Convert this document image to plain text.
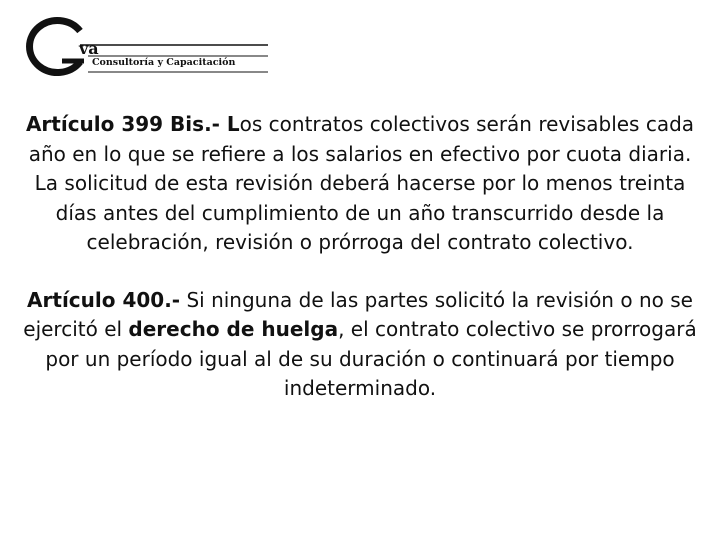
va
Consultoría y Capacitación

Artículo 399 Bis.- Los contratos colectivos serán revisables cada año en lo que se refiere a los salarios en efectivo por cuota diaria. La solicitud de esta revisión deberá hacerse por lo menos treinta días antes del cumplimiento de un año transcurrido desde la celebración, revisión o prórroga del contrato colectivo.

Artículo 400.- Si ninguna de las partes solicitó la revisión o no se ejercitó el derecho de huelga, el contrato colectivo se prorrogará por un período igual al de su duración o continuará por tiempo indeterminado.
